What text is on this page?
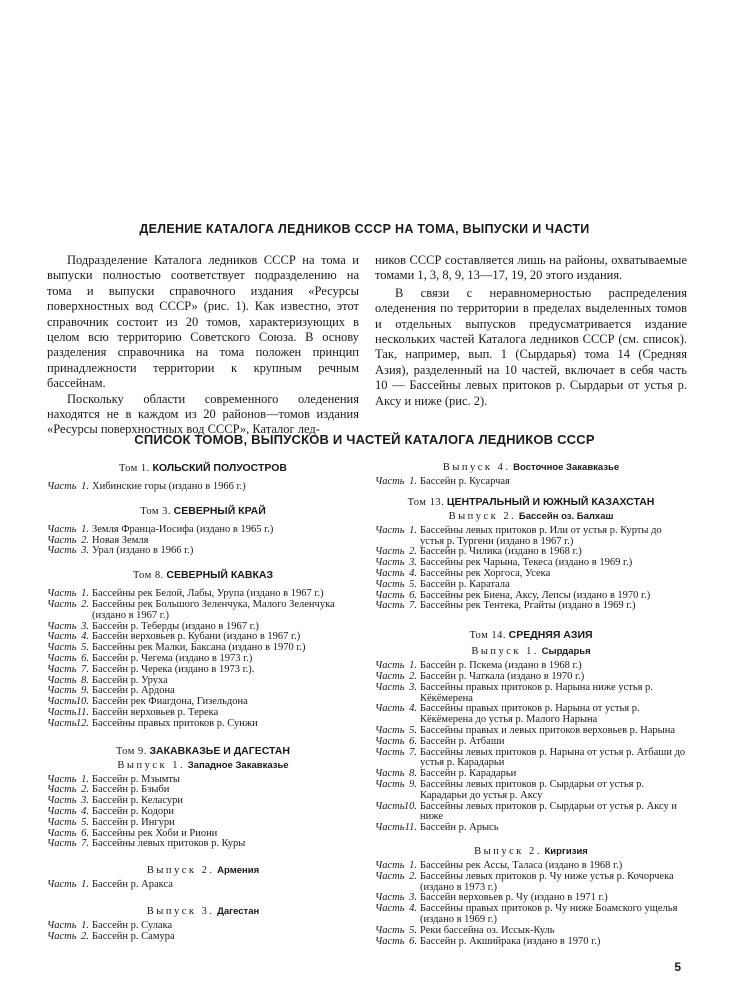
ДЕЛЕНИЕ КАТАЛОГА ЛЕДНИКОВ СССР НА ТОМА, ВЫПУСКИ И ЧАСТИ

Подразделение Каталога ледников СССР на тома и выпуски полностью соответствует подразделению на тома и выпуски справочного издания «Ресурсы поверхностных вод СССР» (рис. 1). Как известно, этот справочник состоит из 20 томов, характеризующих в целом всю территорию Советского Союза. В основу разделения справочника на тома положен принцип принадлежности территории к крупным речным бассейнам.

Поскольку области современного оледенения находятся не в каждом из 20 районов—томов издания «Ресурсы поверхностных вод СССР», Каталог лед-

ников СССР составляется лишь на районы, охватываемые томами 1, 3, 8, 9, 13—17, 19, 20 этого издания.

В связи с неравномерностью распределения оледенения по территории в пределах выделенных томов и отдельных выпусков предусматривается издание нескольких частей Каталога ледников СССР (см. список). Так, например, вып. 1 (Сырдарья) тома 14 (Средняя Азия), разделенный на 10 частей, включает в себя часть 10 — Бассейны левых притоков р. Сырдарьи от устья р. Аксу и ниже (рис. 2).

СПИСОК ТОМОВ, ВЫПУСКОВ И ЧАСТЕЙ КАТАЛОГА ЛЕДНИКОВ СССР
Том 1. КОЛЬСКИЙ ПОЛУОСТРОВ
Часть 1. Хибинские горы (издано в 1966 г.)
Том 3. СЕВЕРНЫЙ КРАЙ
Часть 1. Земля Франца-Иосифа (издано в 1965 г.)
Часть 2. Новая Земля
Часть 3. Урал (издано в 1966 г.)
Том 8. СЕВЕРНЫЙ КАВКАЗ
Часть 1. Бассейны рек Белой, Лабы, Урупа (издано в 1967 г.)
Часть 2. Бассейны рек Большого Зеленчука, Малого Зеленчука (издано в 1967 г.)
Часть 3. Бассейн р. Теберды (издано в 1967 г.)
Часть 4. Бассейн верховьев р. Кубани (издано в 1967 г.)
Часть 5. Бассейны рек Малки, Баксана (издано в 1970 г.)
Часть 6. Бассейн р. Чегема (издано в 1973 г.)
Часть 7. Бассейн р. Черека (издано в 1973 г.).
Часть 8. Бассейн р. Уруха
Часть 9. Бассейн р. Ардона
Часть 10. Бассейн рек Фиагдона, Гизельдона
Часть 11. Бассейн верховьев р. Терека
Часть 12. Бассейны правых притоков р. Сунжи
Том 9. ЗАКАВКАЗЬЕ И ДАГЕСТАН
Выпуск 1. Западное Закавказье
Часть 1. Бассейн р. Мзымты
Часть 2. Бассейн р. Бзыби
Часть 3. Бассейн р. Келасури
Часть 4. Бассейн р. Кодори
Часть 5. Бассейн р. Ингури
Часть 6. Бассейны рек Хоби и Риони
Часть 7. Бассейны левых притоков р. Куры
Выпуск 2. Армения
Часть 1. Бассейн р. Аракса
Выпуск 3. Дагестан
Часть 1. Бассейн р. Сулака
Часть 2. Бассейн р. Самура
Выпуск 4. Восточное Закавказье
Часть 1. Бассейн р. Кусарчая
Том 13. ЦЕНТРАЛЬНЫЙ И ЮЖНЫЙ КАЗАХСТАН
Выпуск 2. Бассейн оз. Балхаш
Часть 1. Бассейны левых притоков р. Или от устья р. Курты до устья р. Тургени (издано в 1967 г.)
Часть 2. Бассейн р. Чилика (издано в 1968 г.)
Часть 3. Бассейны рек Чарына, Текеса (издано в 1969 г.)
Часть 4. Бассейны рек Хоргоса, Усека
Часть 5. Бассейн р. Каратала
Часть 6. Бассейны рек Биена, Аксу, Лепсы (издано в 1970 г.)
Часть 7. Бассейны рек Тентека, Ргайты (издано в 1969 г.)
Том 14. СРЕДНЯЯ АЗИЯ
Выпуск 1. Сырдарья
Часть 1. Бассейн р. Пскема (издано в 1968 г.)
Часть 2. Бассейн р. Чаткала (издано в 1970 г.)
Часть 3. Бассейны правых притоков р. Нарына ниже устья р. Кёкёмерена
Часть 4. Бассейны правых притоков р. Нарына от устья р. Кёкёмерена до устья р. Малого Нарына
Часть 5. Бассейны правых и левых притоков верховьев р. Нарына
Часть 6. Бассейн р. Атбаши
Часть 7. Бассейны левых притоков р. Нарына от устья р. Атбаши до устья р. Карадарьи
Часть 8. Бассейн р. Карадарьи
Часть 9. Бассейны левых притоков р. Сырдарьи от устья р. Карадарьи до устья р. Аксу
Часть 10. Бассейны левых притоков р. Сырдарьи от устья р. Аксу и ниже
Часть 11. Бассейн р. Арысь
Выпуск 2. Киргизия
Часть 1. Бассейны рек Ассы, Таласа (издано в 1968 г.)
Часть 2. Бассейны левых притоков р. Чу ниже устья р. Кочорчека (издано в 1973 г.)
Часть 3. Бассейн верховьев р. Чу (издано в 1971 г.)
Часть 4. Бассейны правых притоков р. Чу ниже Боамского ущелья (издано в 1969 г.)
Часть 5. Реки бассейна оз. Иссык-Куль
Часть 6. Бассейн р. Акшийрака (издано в 1970 г.)
5
